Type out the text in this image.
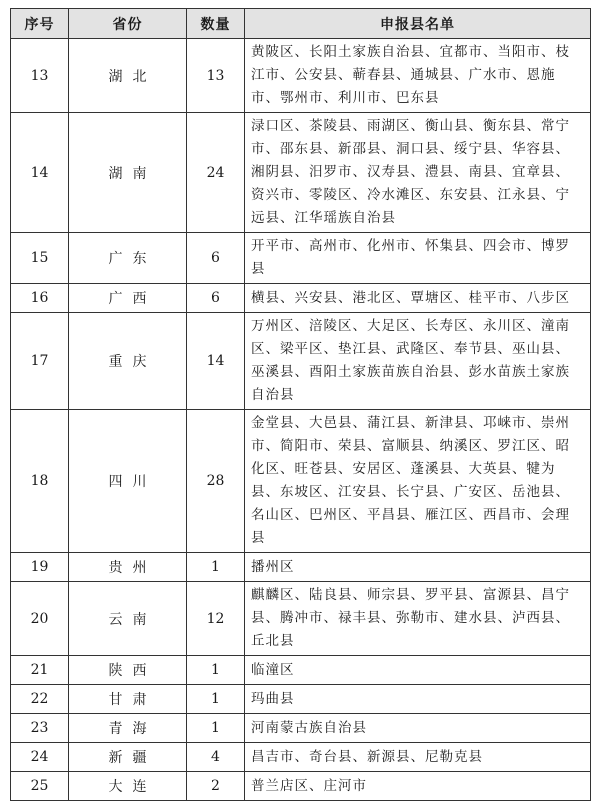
序号	省份	数量	申报县名单
13	湖北	13	黄陂区、长阳土家族自治县、宜都市、当阳市、枝江市、公安县、蕲春县、通城县、广水市、恩施市、鄂州市、利川市、巴东县
14	湖南	24	渌口区、茶陵县、雨湖区、衡山县、衡东县、常宁市、邵东县、新邵县、洞口县、绥宁县、华容县、湘阴县、汨罗市、汉寿县、澧县、南县、宜章县、资兴市、零陵区、冷水滩区、东安县、江永县、宁远县、江华瑶族自治县
15	广东	6	开平市、高州市、化州市、怀集县、四会市、博罗县
16	广西	6	横县、兴安县、港北区、覃塘区、桂平市、八步区
17	重庆	14	万州区、涪陵区、大足区、长寿区、永川区、潼南区、梁平区、垫江县、武隆区、奉节县、巫山县、巫溪县、酉阳土家族苗族自治县、彭水苗族土家族自治县
18	四川	28	金堂县、大邑县、蒲江县、新津县、邛崃市、崇州市、简阳市、荣县、富顺县、纳溪区、罗江区、昭化区、旺苍县、安居区、蓬溪县、大英县、犍为县、东坡区、江安县、长宁县、广安区、岳池县、名山区、巴州区、平昌县、雁江区、西昌市、会理县
19	贵州	1	播州区
20	云南	12	麒麟区、陆良县、师宗县、罗平县、富源县、昌宁县、腾冲市、禄丰县、弥勒市、建水县、泸西县、丘北县
21	陕西	1	临潼区
22	甘肃	1	玛曲县
23	青海	1	河南蒙古族自治县
24	新疆	4	昌吉市、奇台县、新源县、尼勒克县
25	大连	2	普兰店区、庄河市
